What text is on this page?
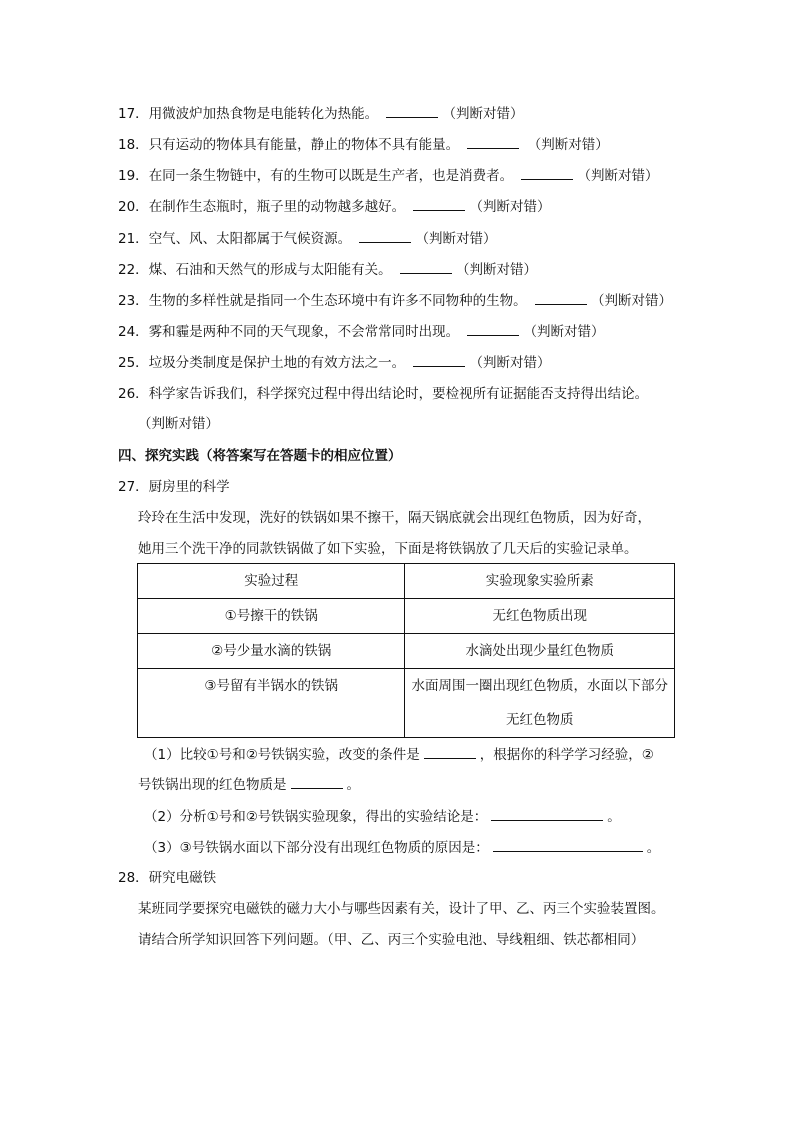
17．用微波炉加热食物是电能转化为热能。	（判断对错）
18．只有运动的物体具有能量，静止的物体不具有能量。	（判断对错）
19．在同一条生物链中，有的生物可以既是生产者，也是消费者。	（判断对错）
20．在制作生态瓶时，瓶子里的动物越多越好。	（判断对错）
21．空气、风、太阳都属于气候资源。	（判断对错）
22．煤、石油和天然气的形成与太阳能有关。	（判断对错）
23．生物的多样性就是指同一个生态环境中有许多不同物种的生物。	（判断对错）
24．雾和霾是两种不同的天气现象，不会常常同时出现。	（判断对错）
25．垃圾分类制度是保护土地的有效方法之一。	（判断对错）
26．科学家告诉我们，科学探究过程中得出结论时，要检视所有证据能否支持得出结论。
（判断对错）
四、探究实践（将答案写在答题卡的相应位置）
27．厨房里的科学
玲玲在生活中发现，洗好的铁锅如果不擦干，隔天锅底就会出现红色物质，因为好奇，
她用三个洗干净的同款铁锅做了如下实验，下面是将铁锅放了几天后的实验记录单。
实验过程	实验现象实验所素
①号擦干的铁锅	无红色物质出现
②号少量水滴的铁锅	水滴处出现少量红色物质
③号留有半锅水的铁锅	水面周围一圈出现红色物质，水面以下部分
无红色物质
（1）比较①号和②号铁锅实验，改变的条件是	，根据你的科学学习经验，②
号铁锅出现的红色物质是	。
（2）分析①号和②号铁锅实验现象，得出的实验结论是：	。
（3）③号铁锅水面以下部分没有出现红色物质的原因是：	。
28．研究电磁铁
某班同学要探究电磁铁的磁力大小与哪些因素有关，设计了甲、乙、丙三个实验装置图。
请结合所学知识回答下列问题。（甲、乙、丙三个实验电池、导线粗细、铁芯都相同）
